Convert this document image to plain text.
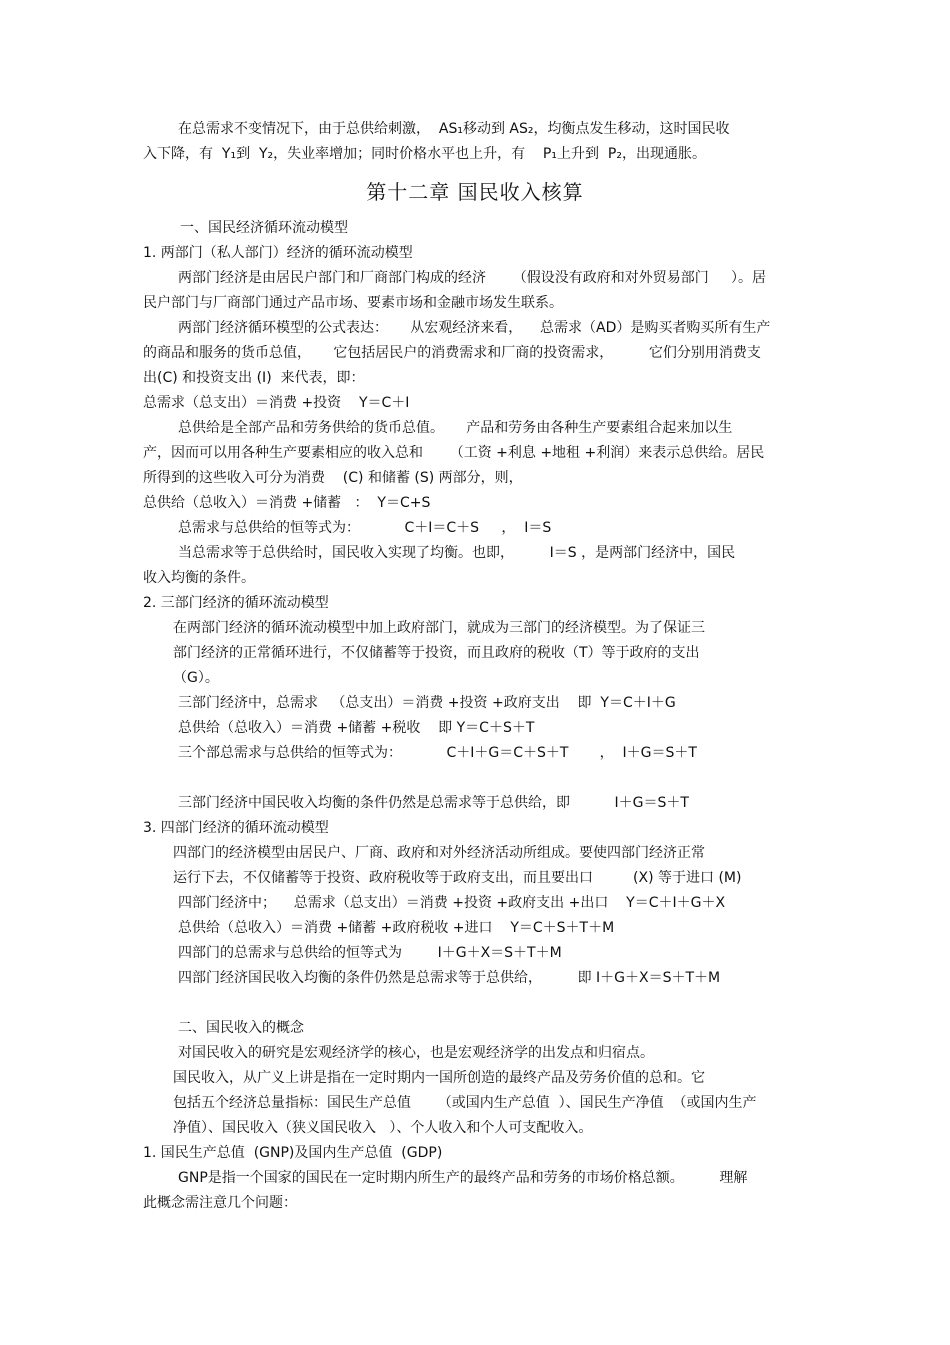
在总需求不变情况下，由于总供给刺激，  AS₁移动到 AS₂，均衡点发生移动，这时国民收
入下降，有  Y₁到  Y₂，失业率增加；同时价格水平也上升，有    P₁上升到  P₂，出现通胀。
第十二章 国民收入核算
一、国民经济循环流动模型
1. 两部门（私人部门）经济的循环流动模型
两部门经济是由居民户部门和厂商部门构成的经济      （假设没有政府和对外贸易部门     ）。居
民户部门与厂商部门通过产品市场、要素市场和金融市场发生联系。
两部门经济循环模型的公式表达：     从宏观经济来看，    总需求（AD）是购买者购买所有生产
的商品和服务的货币总值，     它包括居民户的消费需求和厂商的投资需求，        它们分别用消费支
出(C) 和投资支出 (I)  来代表，即：
总需求（总支出）＝消费 +投资    Y＝C＋I
总供给是全部产品和劳务供给的货币总值。     产品和劳务由各种生产要素组合起来加以生
产，因而可以用各种生产要素相应的收入总和      （工资 +利息 +地租 +利润）来表示总供给。居民
所得到的这些收入可分为消费    (C) 和储蓄 (S) 两部分，则，
总供给（总收入）＝消费 +储蓄   ：  Y＝C+S
总需求与总供给的恒等式为：          C＋I＝C＋S     ，  I＝S
当总需求等于总供给时，国民收入实现了均衡。也即，        I＝S ，是两部门经济中，国民
收入均衡的条件。
2. 三部门经济的循环流动模型
在两部门经济的循环流动模型中加上政府部门，就成为三部门的经济模型。为了保证三
部门经济的正常循环进行，不仅储蓄等于投资，而且政府的税收（T）等于政府的支出
（G）。
三部门经济中，总需求   （总支出）＝消费 +投资 +政府支出    即  Y＝C＋I＋G
总供给（总收入）＝消费 +储蓄 +税收    即 Y＝C＋S＋T
三个部总需求与总供给的恒等式为：          C＋I＋G＝C＋S＋T       ，  I＋G＝S＋T
三部门经济中国民收入均衡的条件仍然是总需求等于总供给，即          I＋G＝S＋T
3. 四部门经济的循环流动模型
四部门的经济模型由居民户、厂商、政府和对外经济活动所组成。要使四部门经济正常
运行下去，不仅储蓄等于投资、政府税收等于政府支出，而且要出口         (X) 等于进口 (M)
四部门经济中；    总需求（总支出）＝消费 +投资 +政府支出 +出口    Y＝C＋I＋G＋X
总供给（总收入）＝消费 +储蓄 +政府税收 +进口    Y＝C＋S＋T＋M
四部门的总需求与总供给的恒等式为        I＋G＋X＝S＋T＋M
四部门经济国民收入均衡的条件仍然是总需求等于总供给，        即 I＋G＋X＝S＋T＋M
二、国民收入的概念
对国民收入的研究是宏观经济学的核心，也是宏观经济学的出发点和归宿点。
国民收入，从广义上讲是指在一定时期内一国所创造的最终产品及劳务价值的总和。它
包括五个经济总量指标：国民生产总值      （或国内生产总值  ）、国民生产净值  （或国内生产
净值）、国民收入（狭义国民收入   ）、个人收入和个人可支配收入。
1. 国民生产总值  (GNP)及国内生产总值  (GDP)
GNP是指一个国家的国民在一定时期内所生产的最终产品和劳务的市场价格总额。        理解
此概念需注意几个问题：
